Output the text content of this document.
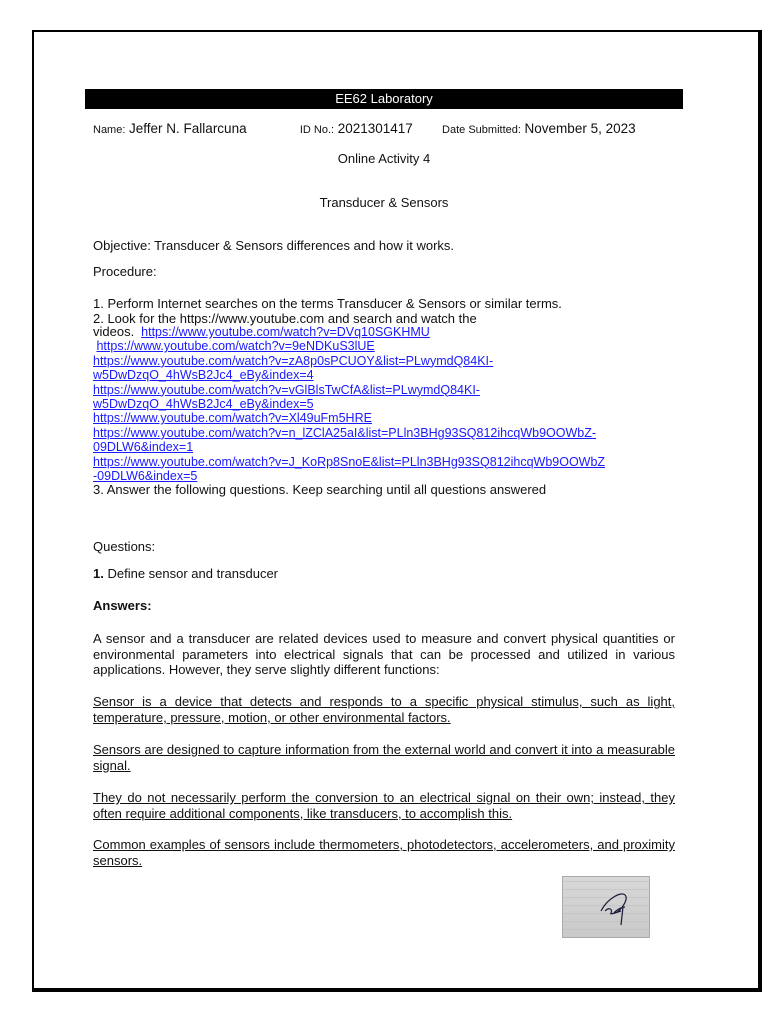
EE62 Laboratory
Name: Jeffer N. Fallarcuna	ID No.: 2021301417	Date Submitted: November 5, 2023
Online Activity 4
Transducer & Sensors
Objective: Transducer & Sensors differences and how it works.
Procedure:
1. Perform Internet searches on the terms Transducer & Sensors or similar terms.
2. Look for the https://www.youtube.com and search and watch the
videos. https://www.youtube.com/watch?v=DVq10SGKHMU
https://www.youtube.com/watch?v=9eNDKuS3lUE
https://www.youtube.com/watch?v=zA8p0sPCUOY&list=PLwymdQ84KI-
w5DwDzqO_4hWsB2Jc4_eBy&index=4
https://www.youtube.com/watch?v=vGlBlsTwCfA&list=PLwymdQ84KI-
w5DwDzqO_4hWsB2Jc4_eBy&index=5
https://www.youtube.com/watch?v=Xl49uFm5HRE
https://www.youtube.com/watch?v=n_lZClA25aI&list=PLln3BHg93SQ812ihcqWb9OOWbZ-
09DLW6&index=1
https://www.youtube.com/watch?v=J_KoRp8SnoE&list=PLln3BHg93SQ812ihcqWb9OOWbZ
-09DLW6&index=5
3. Answer the following questions. Keep searching until all questions answered
Questions:
1. Define sensor and transducer
Answers:
A sensor and a transducer are related devices used to measure and convert physical quantities or environmental parameters into electrical signals that can be processed and utilized in various applications. However, they serve slightly different functions:
Sensor is a device that detects and responds to a specific physical stimulus, such as light, temperature, pressure, motion, or other environmental factors.
Sensors are designed to capture information from the external world and convert it into a measurable signal.
They do not necessarily perform the conversion to an electrical signal on their own; instead, they often require additional components, like transducers, to accomplish this.
Common examples of sensors include thermometers, photodetectors, accelerometers, and proximity sensors.
